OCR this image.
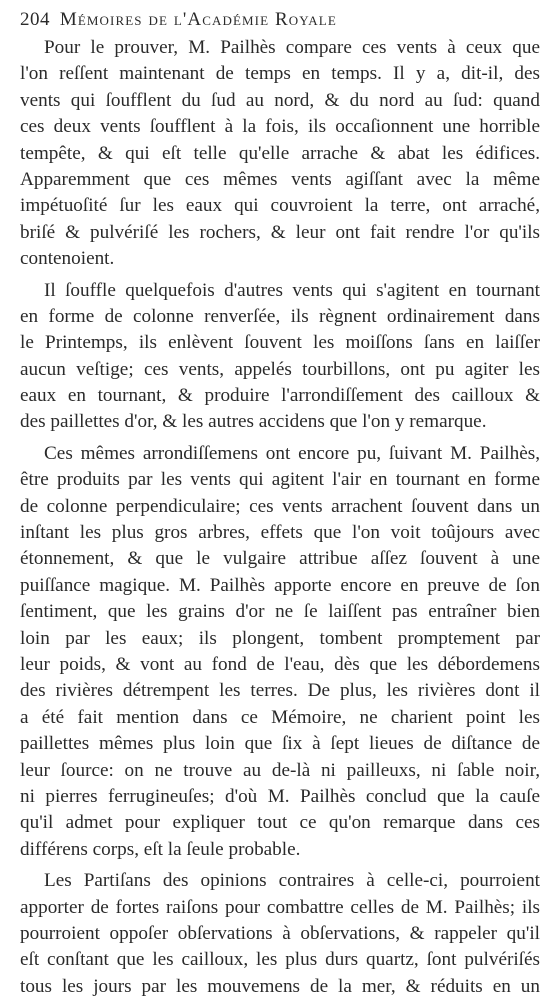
204 Mémoires de l'Académie Royale

Pour le prouver, M. Pailhès compare ces vents à ceux que
l'on reſſent maintenant de temps en temps. Il y a, dit-il, des
vents qui ſoufflent du ſud au nord, & du nord au ſud: quand
ces deux vents ſoufflent à la fois, ils occaſionnent une horrible
tempête, & qui eſt telle qu'elle arrache & abat les édifices.
Apparemment que ces mêmes vents agiſſant avec la même
impétuoſité ſur les eaux qui couvroient la terre, ont arraché,
briſé & pulvériſé les rochers, & leur ont fait rendre l'or qu'ils
contenoient.

Il ſouffle quelquefois d'autres vents qui s'agitent en tournant
en forme de colonne renverſée, ils règnent ordinairement dans
le Printemps, ils enlèvent ſouvent les moiſſons ſans en laiſſer
aucun veſtige; ces vents, appelés tourbillons, ont pu agiter les
eaux en tournant, & produire l'arrondiſſement des cailloux &
des paillettes d'or, & les autres accidens que l'on y remarque.

Ces mêmes arrondiſſemens ont encore pu, ſuivant M. Pailhès,
être produits par les vents qui agitent l'air en tournant en forme
de colonne perpendiculaire; ces vents arrachent ſouvent dans un
inſtant les plus gros arbres, effets que l'on voit toûjours avec
étonnement, & que le vulgaire attribue aſſez ſouvent à une
puiſſance magique. M. Pailhès apporte encore en preuve de ſon
ſentiment, que les grains d'or ne ſe laiſſent pas entraîner bien
loin par les eaux; ils plongent, tombent promptement par
leur poids, & vont au fond de l'eau, dès que les débordemens
des rivières détrempent les terres. De plus, les rivières dont il
a été fait mention dans ce Mémoire, ne charient point les
paillettes mêmes plus loin que ſix à ſept lieues de diſtance de
leur ſource: on ne trouve au de-là ni pailleuxs, ni ſable noir,
ni pierres ferrugineuſes; d'où M. Pailhès conclud que la cauſe
qu'il admet pour expliquer tout ce qu'on remarque dans ces
différens corps, eſt la ſeule probable.

Les Partiſans des opinions contraires à celle-ci, pourroient
apporter de fortes raiſons pour combattre celles de M. Pailhès; ils
pourroient oppoſer obſervations à obſervations, & rappeler qu'il
eſt conſtant que les cailloux, les plus durs quartz, ſont pulvériſés
tous les jours par les mouvemens de la mer, & réduits en un
